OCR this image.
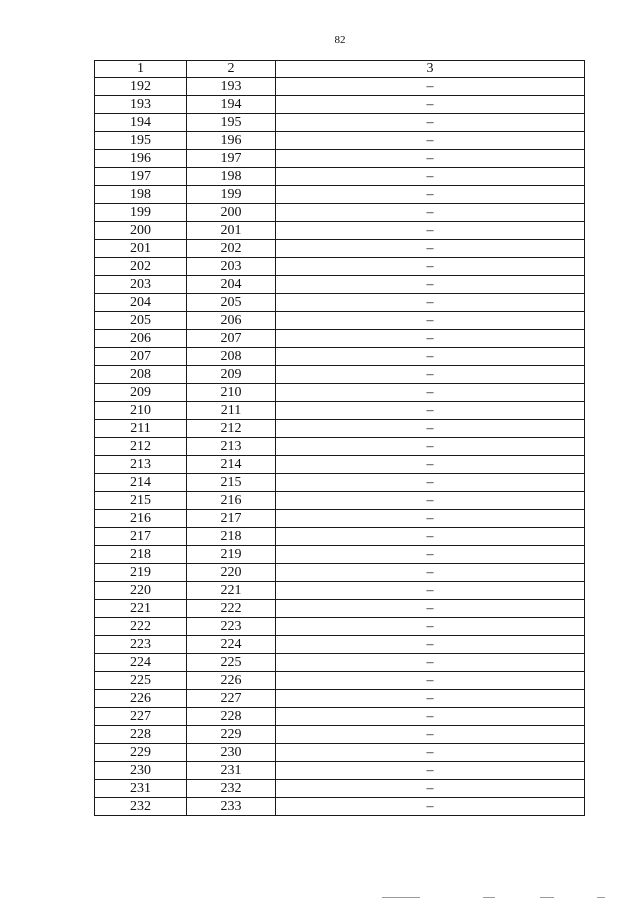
82
1	2	3
192	193	–
193	194	–
194	195	–
195	196	–
196	197	–
197	198	–
198	199	–
199	200	–
200	201	–
201	202	–
202	203	–
203	204	–
204	205	–
205	206	–
206	207	–
207	208	–
208	209	–
209	210	–
210	211	–
211	212	–
212	213	–
213	214	–
214	215	–
215	216	–
216	217	–
217	218	–
218	219	–
219	220	–
220	221	–
221	222	–
222	223	–
223	224	–
224	225	–
225	226	–
226	227	–
227	228	–
228	229	–
229	230	–
230	231	–
231	232	–
232	233	–
